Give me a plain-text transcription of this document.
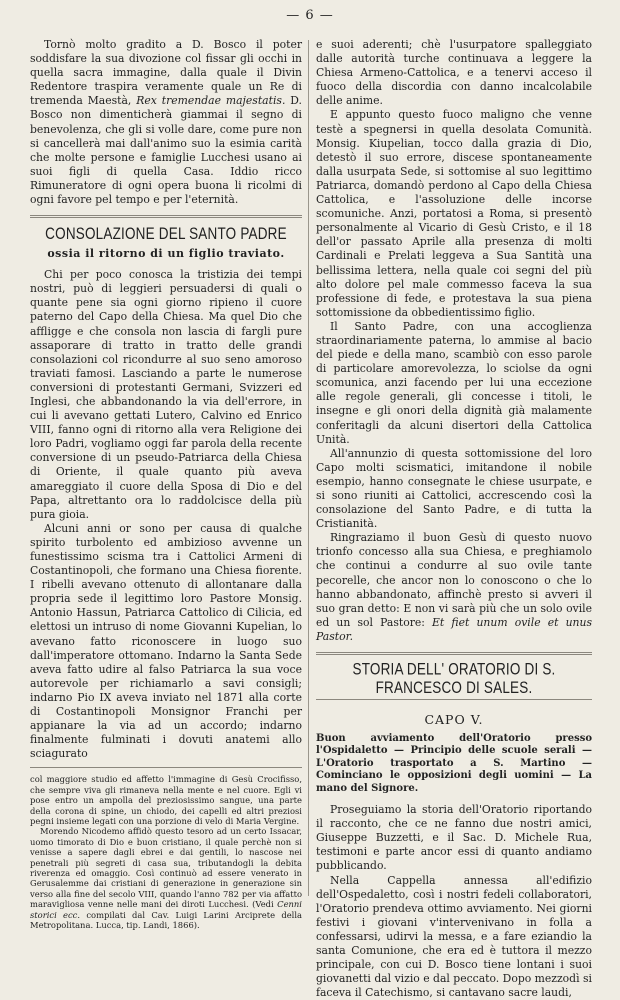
— 6 —

Tornò molto gradito a D. Bosco il poter soddisfare la sua divozione col fissar gli occhi in quella sacra immagine, dalla quale il Divin Redentore traspira veramente quale un Re di tremenda Maestà, Rex tremendae majestatis. D. Bosco non dimenticherà giammai il segno di benevolenza, che gli si volle dare, come pure non si cancellerà mai dall'animo suo la esimia carità che molte persone e famiglie Lucchesi usano ai suoi figli di quella Casa. Iddio ricco Rimuneratore di ogni opera buona li ricolmi di ogni favore pel tempo e per l'eternità.

CONSOLAZIONE DEL SANTO PADRE
ossia il ritorno di un figlio traviato.

Chi per poco conosca la tristizia dei tempi nostri, può di leggieri persuadersi di quali o quante pene sia ogni giorno ripieno il cuore paterno del Capo della Chiesa. Ma quel Dio che affligge e che consola non lascia di fargli pure assaporare di tratto in tratto delle grandi consolazioni col ricondurre al suo seno amoroso traviati famosi. Lasciando a parte le numerose conversioni di protestanti Germani, Svizzeri ed Inglesi, che abbandonando la via dell'errore, in cui li avevano gettati Lutero, Calvino ed Enrico VIII, fanno ogni di ritorno alla vera Religione dei loro Padri, vogliamo oggi far parola della recente conversione di un pseudo-Patriarca della Chiesa di Oriente, il quale quanto più aveva amareggiato il cuore della Sposa di Dio e del Papa, altrettanto ora lo raddolcisce della più pura gioia.

Alcuni anni or sono per causa di qualche spirito turbolento ed ambizioso avvenne un funestissimo scisma tra i Cattolici Armeni di Costantinopoli, che formano una Chiesa fiorente. I ribelli avevano ottenuto di allontanare dalla propria sede il legittimo loro Pastore Monsig. Antonio Hassun, Patriarca Cattolico di Cilicia, ed elettosi un intruso di nome Giovanni Kupelian, lo avevano fatto riconoscere in luogo suo dall'imperatore ottomano. Indarno la Santa Sede aveva fatto udire al falso Patriarca la sua voce autorevole per richiamarlo a savi consigli; indarno Pio IX aveva inviato nel 1871 alla corte di Costantinopoli Monsignor Franchi per appianare la via ad un accordo; indarno finalmente fulminati i dovuti anatemi allo sciagurato

col maggiore studio ed affetto l'immagine di Gesù Crocifisso, che sempre viva gli rimaneva nella mente e nel cuore. Egli vi pose entro un ampolla del preziosissimo sangue, una parte della corona di spine, un chiodo, dei capelli ed altri preziosi pegni insieme legati con una porzione di velo di Maria Vergine.

Morendo Nicodemo affidò questo tesoro ad un certo Issacar, uomo timorato di Dio e buon cristiano, il quale perchè non si venisse a sapere dagli ebrei e dai gentili, lo nascose nei penetrali più segreti di casa sua, tributandogli la debita riverenza ed omaggio. Così continuò ad essere venerato in Gerusalemme dai cristiani di generazione in generazione sin verso alla fine del secolo VIII, quando l'anno 782 per via affatto maravigliosa venne nelle mani dei diroti Lucchesi. (Vedi Cenni storici ecc. compilati dal Cav. Luigi Larini Arciprete della Metropolitana. Lucca, tip. Landi, 1866).

e suoi aderenti; chè l'usurpatore spalleggiato dalle autorità turche continuava a leggere la Chiesa Armeno-Cattolica, e a tenervi acceso il fuoco della discordia con danno incalcolabile delle anime.

E appunto questo fuoco maligno che venne testè a spegnersi in quella desolata Comunità. Monsig. Kiupelian, tocco dalla grazia di Dio, detestò il suo errore, discese spontaneamente dalla usurpata Sede, si sottomise al suo legittimo Patriarca, domandò perdono al Capo della Chiesa Cattolica, e l'assoluzione delle incorse scomuniche. Anzi, portatosi a Roma, si presentò personalmente al Vicario di Gesù Cristo, e il 18 dell'or passato Aprile alla presenza di molti Cardinali e Prelati leggeva a Sua Santità una bellissima lettera, nella quale coi segni del più alto dolore pel male commesso faceva la sua professione di fede, e protestava la sua piena sottomissione da obbedientissimo figlio.

Il Santo Padre, con una accoglienza straordinariamente paterna, lo ammise al bacio del piede e della mano, scambiò con esso parole di particolare amorevolezza, lo sciolse da ogni scomunica, anzi facendo per lui una eccezione alle regole generali, gli concesse i titoli, le insegne e gli onori della dignità già malamente conferitagli da alcuni disertori della Cattolica Unità.

All'annunzio di questa sottomissione del loro Capo molti scismatici, imitandone il nobile esempio, hanno consegnate le chiese usurpate, e si sono riuniti ai Cattolici, accrescendo così la consolazione del Santo Padre, e di tutta la Cristianità.

Ringraziamo il buon Gesù di questo nuovo trionfo concesso alla sua Chiesa, e preghiamolo che continui a condurre al suo ovile tante pecorelle, che ancor non lo conoscono o che lo hanno abbandonato, affinchè presto si avveri il suo gran detto: E non vi sarà più che un solo ovile ed un sol Pastore: Et fiet unum ovile et unus Pastor.

STORIA DELL' ORATORIO DI S. FRANCESCO DI SALES.
CAPO V.

Buon avviamento dell'Oratorio presso l'Ospidaletto — Principio delle scuole serali — L'Oratorio trasportato a S. Martino — Cominciano le opposizioni degli uomini — La mano del Signore.

Proseguiamo la storia dell'Oratorio riportando il racconto, che ce ne fanno due nostri amici, Giuseppe Buzzetti, e il Sac. D. Michele Rua, testimoni e parte ancor essi di quanto andiamo pubblicando.

Nella Cappella annessa all'edifizio dell'Ospedaletto, così i nostri fedeli collaboratori, l'Oratorio prendeva ottimo avviamento. Nei giorni festivi i giovani v'intervenivano in folla a confessarsi, udirvi la messa, e a fare eziandio la santa Comunione, che era ed è tuttora il mezzo principale, con cui D. Bosco tiene lontani i suoi giovanetti dal vizio e dal peccato. Dopo mezzodì si faceva il Catechismo, si cantavano sacre laudi,
